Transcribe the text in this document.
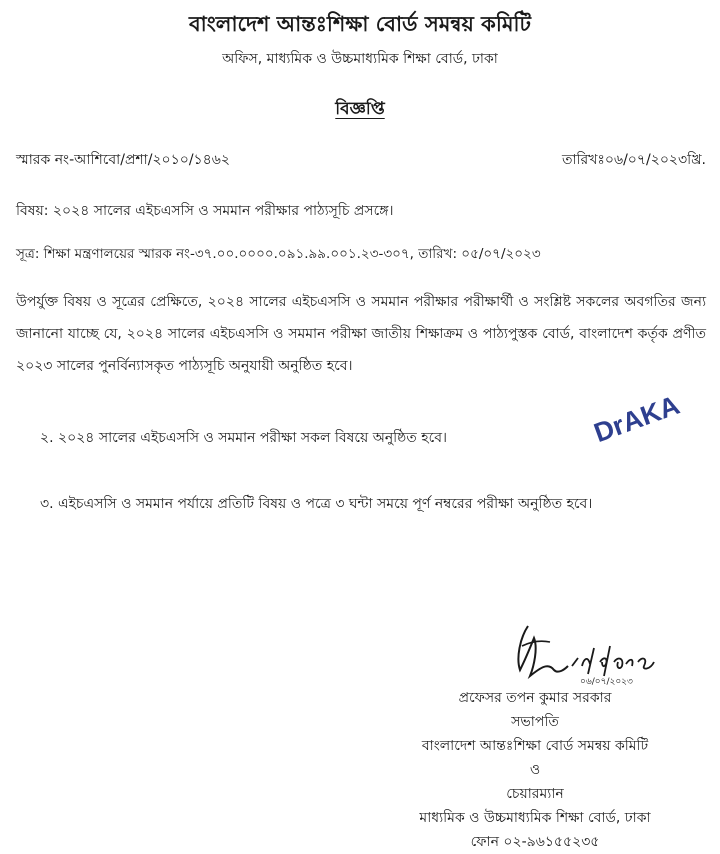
বাংলাদেশ আন্তঃশিক্ষা বোর্ড সমন্বয় কমিটি
অফিস, মাধ্যমিক ও উচ্চমাধ্যমিক শিক্ষা বোর্ড, ঢাকা
বিজ্ঞপ্তি
স্মারক নং-আশিবো/প্রশা/২০১০/১৪৬২	তারিখঃ০৬/০৭/২০২৩খ্রি.
বিষয়: ২০২৪ সালের এইচএসসি ও সমমান পরীক্ষার পাঠ্যসূচি প্রসঙ্গে।
সূত্র: শিক্ষা মন্ত্রণালয়ের স্মারক নং-৩৭.০০.০০০০.০৯১.৯৯.০০১.২৩-৩০৭, তারিখ: ০৫/০৭/২০২৩
উপর্যুক্ত বিষয় ও সূত্রের প্রেক্ষিতে, ২০২৪ সালের এইচএসসি ও সমমান পরীক্ষার পরীক্ষার্থী ও সংশ্লিষ্ট সকলের অবগতির জন্য জানানো যাচ্ছে যে, ২০২৪ সালের এইচএসসি ও সমমান পরীক্ষা জাতীয় শিক্ষাক্রম ও পাঠ্যপুস্তক বোর্ড, বাংলাদেশ কর্তৃক প্রণীত ২০২৩ সালের পুনর্বিন্যাসকৃত পাঠ্যসূচি অনুযায়ী অনুষ্ঠিত হবে।
২. ২০২৪ সালের এইচএসসি ও সমমান পরীক্ষা সকল বিষয়ে অনুষ্ঠিত হবে।
৩. এইচএসসি ও সমমান পর্যায়ে প্রতিটি বিষয় ও পত্রে ৩ ঘন্টা সময়ে পূর্ণ নম্বরের পরীক্ষা অনুষ্ঠিত হবে।
DrAKA
০৬/০৭/২০২৩
প্রফেসর তপন কুমার সরকার
সভাপতি
বাংলাদেশ আন্তঃশিক্ষা বোর্ড সমন্বয় কমিটি
ও
চেয়ারম্যান
মাধ্যমিক ও উচ্চমাধ্যমিক শিক্ষা বোর্ড, ঢাকা
ফোন ০২-৯৬১৫৫২৩৫
